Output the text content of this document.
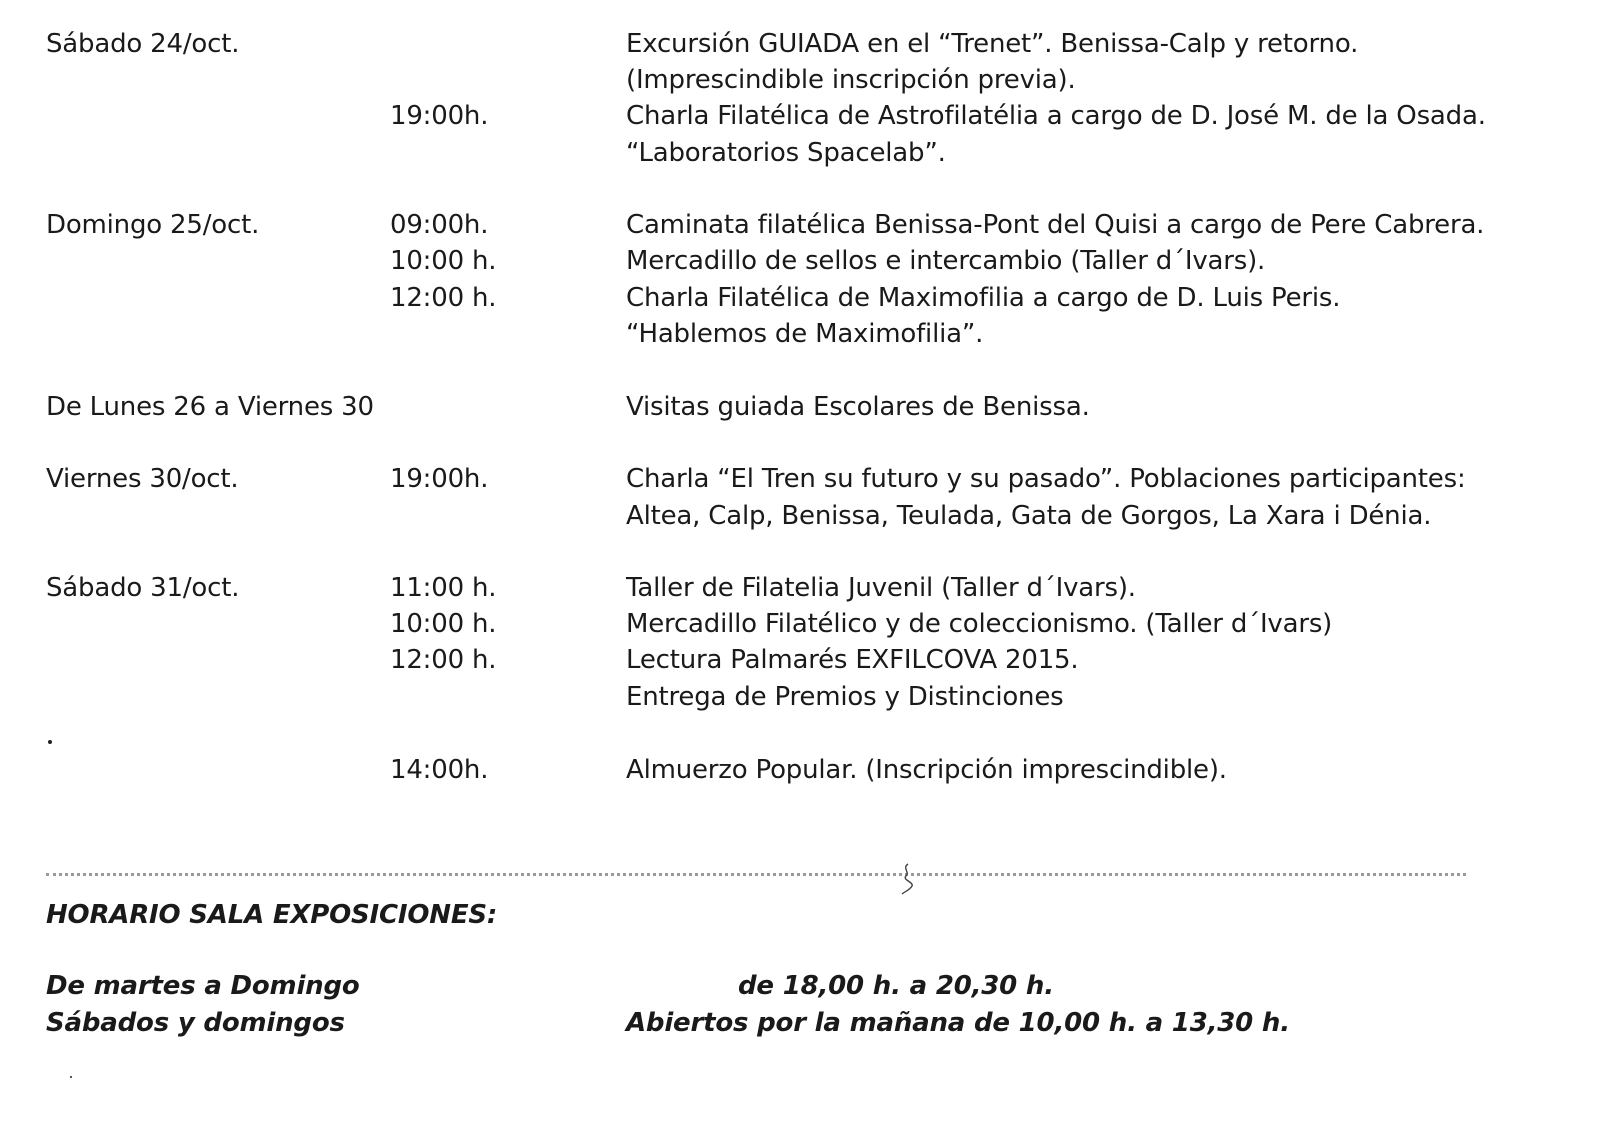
Sábado 24/oct.	Excursión GUIADA en el “Trenet”. Benissa-Calp y retorno.
(Imprescindible inscripción previa).
19:00h.	Charla Filatélica de Astrofilatélia a cargo de D. José M. de la Osada.
“Laboratorios Spacelab”.
Domingo 25/oct.	09:00h.	Caminata filatélica Benissa-Pont del Quisi a cargo de Pere Cabrera.
10:00 h.	Mercadillo de sellos e intercambio (Taller d´Ivars).
12:00 h.	Charla Filatélica de Maximofilia a cargo de D. Luis Peris.
“Hablemos de Maximofilia”.
De Lunes 26 a Viernes 30	Visitas guiada Escolares de Benissa.
Viernes 30/oct.	19:00h.	Charla “El Tren su futuro y su pasado”. Poblaciones participantes:
Altea, Calp, Benissa, Teulada, Gata de Gorgos, La Xara i Dénia.
Sábado 31/oct.	11:00 h.	Taller de Filatelia Juvenil (Taller d´Ivars).
10:00 h.	Mercadillo Filatélico y de coleccionismo. (Taller d´Ivars)
12:00 h.	Lectura Palmarés EXFILCOVA 2015.
Entrega de Premios y Distinciones
14:00h.	Almuerzo Popular. (Inscripción imprescindible).
HORARIO SALA EXPOSICIONES:
De martes a Domingo	de 18,00 h. a 20,30 h.
Sábados y domingos	Abiertos por la mañana de 10,00 h. a 13,30 h.
